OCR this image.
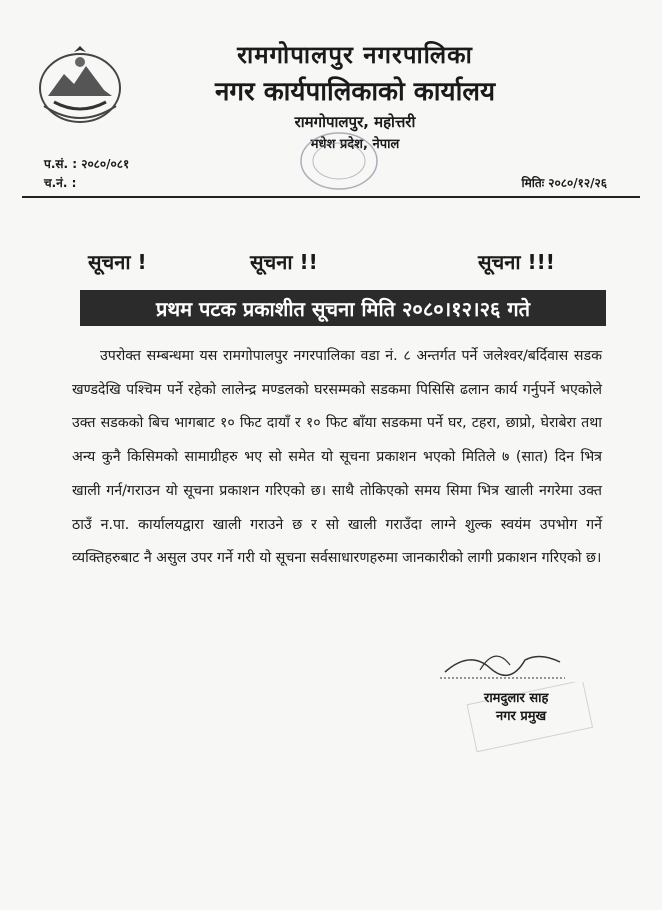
रामगोपालपुर नगरपालिका
नगर कार्यपालिकाको कार्यालय
रामगोपालपुर, महोत्तरी
मधेश प्रदेश, नेपाल
प.सं. : २०८०/०८१
च.नं. :	मितिः २०८०/१२/२६
सूचना !	सूचना !!	सूचना !!!
प्रथम पटक प्रकाशीत सूचना मिति २०८०।१२।२६ गते
उपरोक्त सम्बन्धमा यस रामगोपालपुर नगरपालिका वडा नं. ८ अन्तर्गत पर्ने जलेश्वर/बर्दिवास सडक खण्डदेखि पश्चिम पर्ने रहेको लालेन्द्र मण्डलको घरसम्मको सडकमा पिसिसि ढलान कार्य गर्नुपर्ने भएकोले उक्त सडकको बिच भागबाट १० फिट दायाँ र १० फिट बाँया सडकमा पर्ने घर, टहरा, छाप्रो, घेराबेरा तथा अन्य कुनै किसिमको सामाग्रीहरु भए सो समेत यो सूचना प्रकाशन भएको मितिले ७ (सात) दिन भित्र खाली गर्न/गराउन यो सूचना प्रकाशन गरिएको छ। साथै तोकिएको समय सिमा भित्र खाली नगरेमा उक्त ठाउँ न.पा. कार्यालयद्वारा खाली गराउने छ र सो खाली गराउँदा लाग्ने शुल्क स्वयंम उपभोग गर्ने व्यक्तिहरुबाट नै असुल उपर गर्ने गरी यो सूचना सर्वसाधारणहरुमा जानकारीको लागी प्रकाशन गरिएको छ।
रामदुलार साह
नगर प्रमुख
